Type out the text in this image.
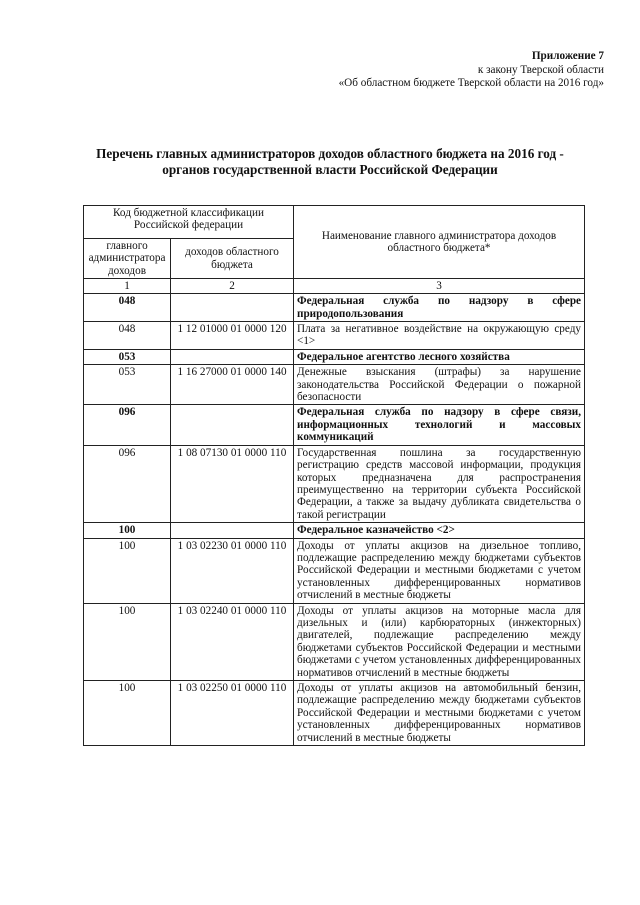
Приложение 7
к закону Тверской области
«Об областном бюджете Тверской области на 2016 год»
Перечень главных администраторов доходов областного бюджета на 2016 год -
органов государственной власти Российской Федерации
Код бюджетной классификации Российской федерации		Наименование главного администратора доходов областного бюджета*
главного администратора доходов	доходов областного бюджета	
1	2	3
048		Федеральная служба по надзору в сфере природопользования
048	1 12 01000 01 0000 120	Плата за негативное воздействие на окружающую среду <1>
053		Федеральное агентство лесного хозяйства
053	1 16 27000 01 0000 140	Денежные взыскания (штрафы) за нарушение законодательства Российской Федерации о пожарной безопасности
096		Федеральная служба по надзору в сфере связи, информационных технологий и массовых коммуникаций
096	1 08 07130 01 0000 110	Государственная пошлина за государственную регистрацию средств массовой информации, продукция которых предназначена для распространения преимущественно на территории субъекта Российской Федерации, а также за выдачу дубликата свидетельства о такой регистрации
100		Федеральное казначейство <2>
100	1 03 02230 01 0000 110	Доходы от уплаты акцизов на дизельное топливо, подлежащие распределению между бюджетами субъектов Российской Федерации и местными бюджетами с учетом установленных дифференцированных нормативов отчислений в местные бюджеты
100	1 03 02240 01 0000 110	Доходы от уплаты акцизов на моторные масла для дизельных и (или) карбюраторных (инжекторных) двигателей, подлежащие распределению между бюджетами субъектов Российской Федерации и местными бюджетами с учетом установленных дифференцированных нормативов отчислений в местные бюджеты
100	1 03 02250 01 0000 110	Доходы от уплаты акцизов на автомобильный бензин, подлежащие распределению между бюджетами субъектов Российской Федерации и местными бюджетами с учетом установленных дифференцированных нормативов отчислений в местные бюджеты
